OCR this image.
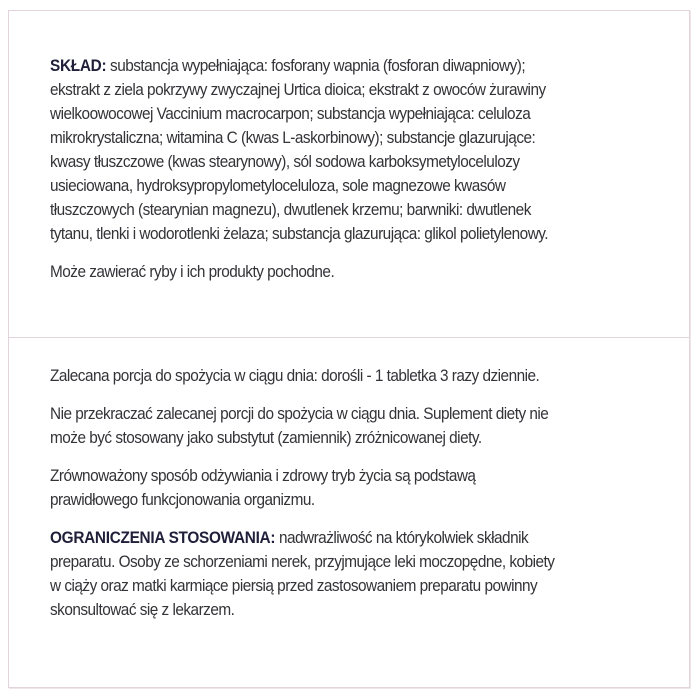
SKŁAD: substancja wypełniająca: fosforany wapnia (fosforan diwapniowy);
ekstrakt z ziela pokrzywy zwyczajnej Urtica dioica; ekstrakt z owoców żurawiny
wielkoowocowej Vaccinium macrocarpon; substancja wypełniająca: celuloza
mikrokrystaliczna; witamina C (kwas L-askorbinowy); substancje glazurujące:
kwasy tłuszczowe (kwas stearynowy), sól sodowa karboksymetylocelulozy
usieciowana, hydroksypropylometyloceluloza, sole magnezowe kwasów
tłuszczowych (stearynian magnezu), dwutlenek krzemu; barwniki: dwutlenek
tytanu, tlenki i wodorotlenki żelaza; substancja glazurująca: glikol polietylenowy.

Może zawierać ryby i ich produkty pochodne.

Zalecana porcja do spożycia w ciągu dnia: dorośli - 1 tabletka 3 razy dziennie.

Nie przekraczać zalecanej porcji do spożycia w ciągu dnia. Suplement diety nie
może być stosowany jako substytut (zamiennik) zróżnicowanej diety.

Zrównoważony sposób odżywiania i zdrowy tryb życia są podstawą
prawidłowego funkcjonowania organizmu.

OGRANICZENIA STOSOWANIA: nadwrażliwość na którykolwiek składnik
preparatu. Osoby ze schorzeniami nerek, przyjmujące leki moczopędne, kobiety
w ciąży oraz matki karmiące piersią przed zastosowaniem preparatu powinny
skonsultować się z lekarzem.
